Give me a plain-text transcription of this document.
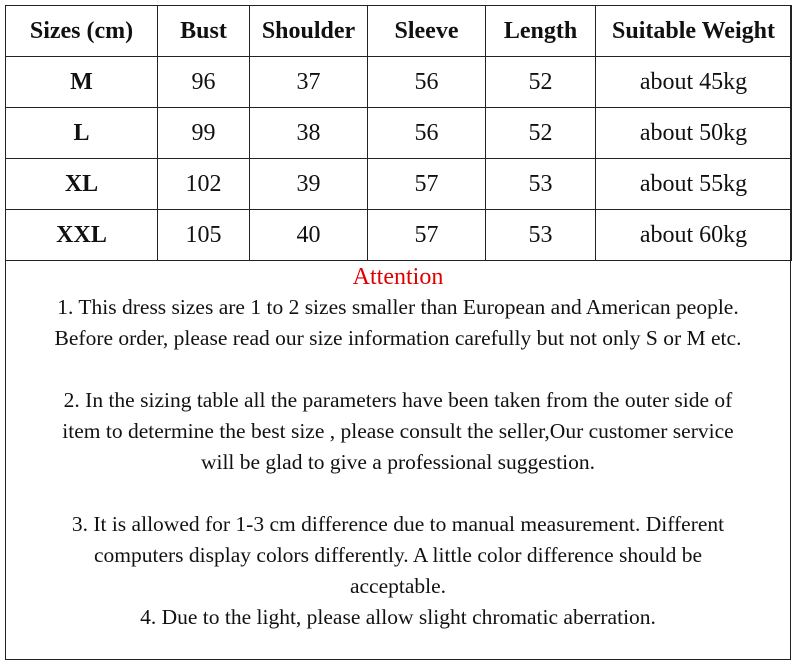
Sizes (cm)	Bust	Shoulder	Sleeve	Length	Suitable Weight
M	96	37	56	52	about 45kg
L	99	38	56	52	about 50kg
XL	102	39	57	53	about 55kg
XXL	105	40	57	53	about 60kg
Attention
1. This dress sizes are 1 to 2 sizes smaller than European and American people.
Before order, please read our size information carefully but not only S or M etc.
2. In the sizing table all the parameters have been taken from the outer side of
item to determine the best size , please consult the seller,Our customer service
will be glad to give a professional suggestion.
3. It is allowed for 1-3 cm difference due to manual measurement. Different
computers display colors differently. A little color difference should be
acceptable.
4. Due to the light, please allow slight chromatic aberration.
